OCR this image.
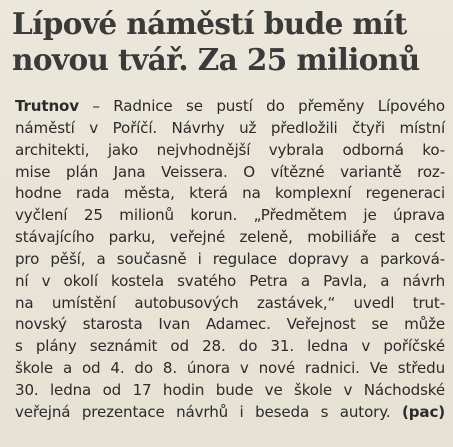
Lípové náměstí bude mít
novou tvář. Za 25 milionů
Trutnov – Radnice se pustí do přeměny Lípového
náměstí v Poříčí. Návrhy už předložili čtyři místní
architekti, jako nejvhodnější vybrala odborná ko-
mise plán Jana Veissera. O vítězné variantě roz-
hodne rada města, která na komplexní regeneraci
vyčlení 25 milionů korun. „Předmětem je úprava
stávajícího parku, veřejné zeleně, mobiliáře a cest
pro pěší, a současně i regulace dopravy a parková-
ní v okolí kostela svatého Petra a Pavla, a návrh
na umístění autobusových zastávek,“ uvedl trut-
novský starosta Ivan Adamec. Veřejnost se může
s plány seznámit od 28. do 31. ledna v poříčské
škole a od 4. do 8. února v nové radnici. Ve středu
30. ledna od 17 hodin bude ve škole v Náchodské
veřejná prezentace návrhů i beseda s autory. (pac)
